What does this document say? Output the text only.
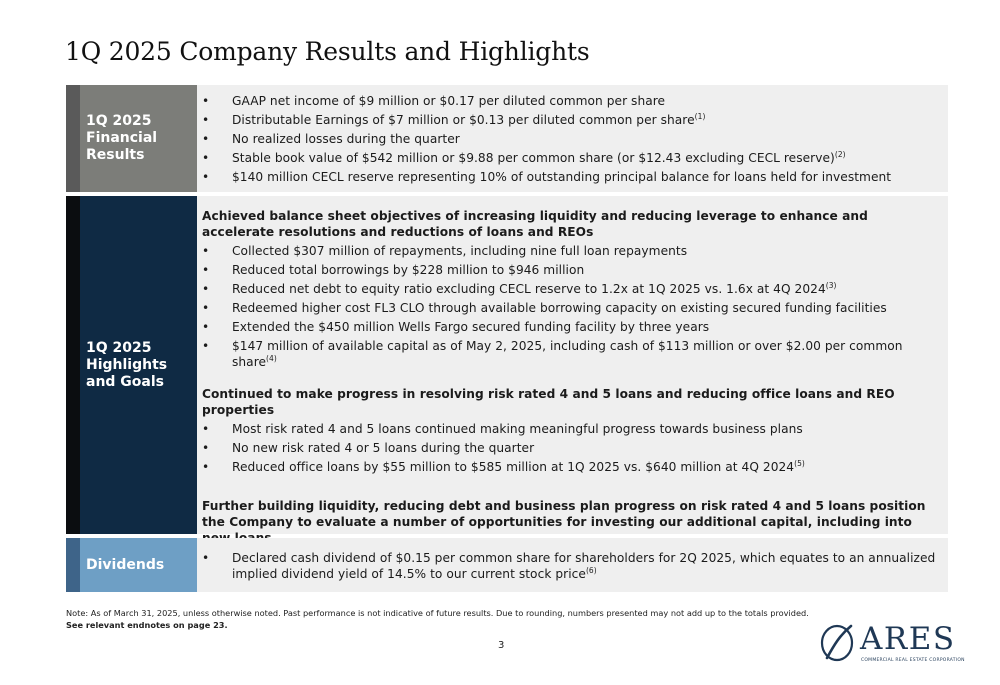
1Q 2025 Company Results and Highlights
1Q 2025 Financial Results
• GAAP net income of $9 million or $0.17 per diluted common per share
• Distributable Earnings of $7 million or $0.13 per diluted common per share$^{(1)}$
• No realized losses during the quarter
• Stable book value of $542 million or $9.88 per common share (or $12.43 excluding CECL reserve)$^{(2)}$
• $140 million CECL reserve representing 10% of outstanding principal balance for loans held for investment
1Q 2025 Highlights and Goals
Achieved balance sheet objectives of increasing liquidity and reducing leverage to enhance and accelerate resolutions and reductions of loans and REOs
• Collected $307 million of repayments, including nine full loan repayments
• Reduced total borrowings by $228 million to $946 million
• Reduced net debt to equity ratio excluding CECL reserve to 1.2x at 1Q 2025 vs. 1.6x at 4Q 2024$^{(3)}$
• Redeemed higher cost FL3 CLO through available borrowing capacity on existing secured funding facilities
• Extended the $450 million Wells Fargo secured funding facility by three years
• $147 million of available capital as of May 2, 2025, including cash of $113 million or over $2.00 per common share$^{(4)}$
Continued to make progress in resolving risk rated 4 and 5 loans and reducing office loans and REO properties
• Most risk rated 4 and 5 loans continued making meaningful progress towards business plans
• No new risk rated 4 or 5 loans during the quarter
• Reduced office loans by $55 million to $585 million at 1Q 2025 vs. $640 million at 4Q 2024$^{(5)}$
Further building liquidity, reducing debt and business plan progress on risk rated 4 and 5 loans position the Company to evaluate a number of opportunities for investing our additional capital, including into
Dividends	• Declared cash dividend of $0.15 per common share for shareholders for 2Q 2025, which equates to an annualized implied dividend yield of 14.5% to our current stock price$^{(6)}$
Note: As of March 31, 2025, unless otherwise noted. Past performance is not indicative of future results. Due to rounding, numbers presented may not add up to the totals provided. See relevant endnotes on page 23.
3	ARES
COMMERCIAL REAL ESTATE CORPORATION
